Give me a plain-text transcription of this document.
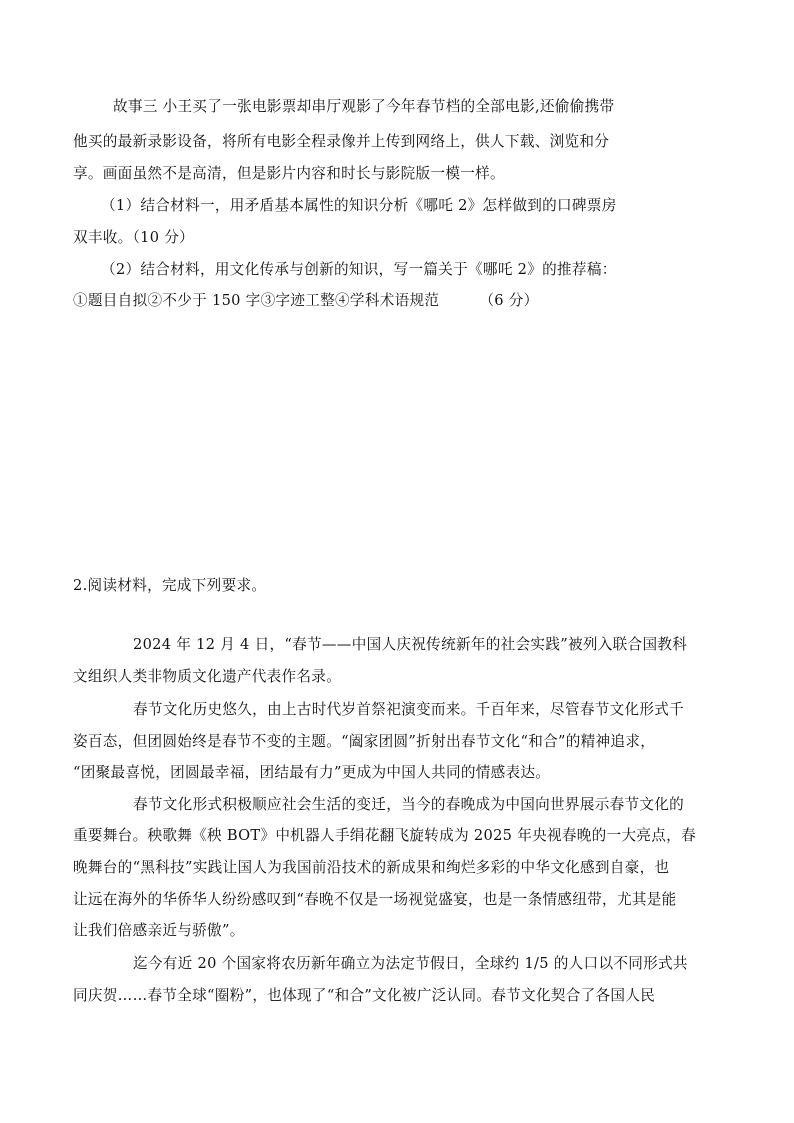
故事三 小王买了一张电影票却串厅观影了今年春节档的全部电影,还偷偷携带
他买的最新录影设备，将所有电影全程录像并上传到网络上，供人下载、浏览和分
享。画面虽然不是高清，但是影片内容和时长与影院版一模一样。
（1）结合材料一，用矛盾基本属性的知识分析《哪吒 2》怎样做到的口碑票房
双丰收。（10 分）
（2）结合材料，用文化传承与创新的知识，写一篇关于《哪吒 2》的推荐稿：
①题目自拟②不少于 150 字③字迹工整④学科术语规范	（6 分）
2.阅读材料，完成下列要求。
2024 年 12 月 4 日，“春节——中国人庆祝传统新年的社会实践”被列入联合国教科
文组织人类非物质文化遗产代表作名录。
春节文化历史悠久，由上古时代岁首祭祀演变而来。千百年来，尽管春节文化形式千
姿百态，但团圆始终是春节不变的主题。“阖家团圆”折射出春节文化“和合”的精神追求，
“团聚最喜悦，团圆最幸福，团结最有力”更成为中国人共同的情感表达。
春节文化形式积极顺应社会生活的变迁，当今的春晚成为中国向世界展示春节文化的
重要舞台。秧歌舞《秧 BOT》中机器人手绢花翻飞旋转成为 2025 年央视春晚的一大亮点，春
晚舞台的“黑科技”实践让国人为我国前沿技术的新成果和绚烂多彩的中华文化感到自豪，也
让远在海外的华侨华人纷纷感叹到“春晚不仅是一场视觉盛宴，也是一条情感纽带，尤其是能
让我们倍感亲近与骄傲”。
迄今有近 20 个国家将农历新年确立为法定节假日，全球约 1/5 的人口以不同形式共
同庆贺……春节全球“圈粉”，也体现了“和合”文化被广泛认同。春节文化契合了各国人民
